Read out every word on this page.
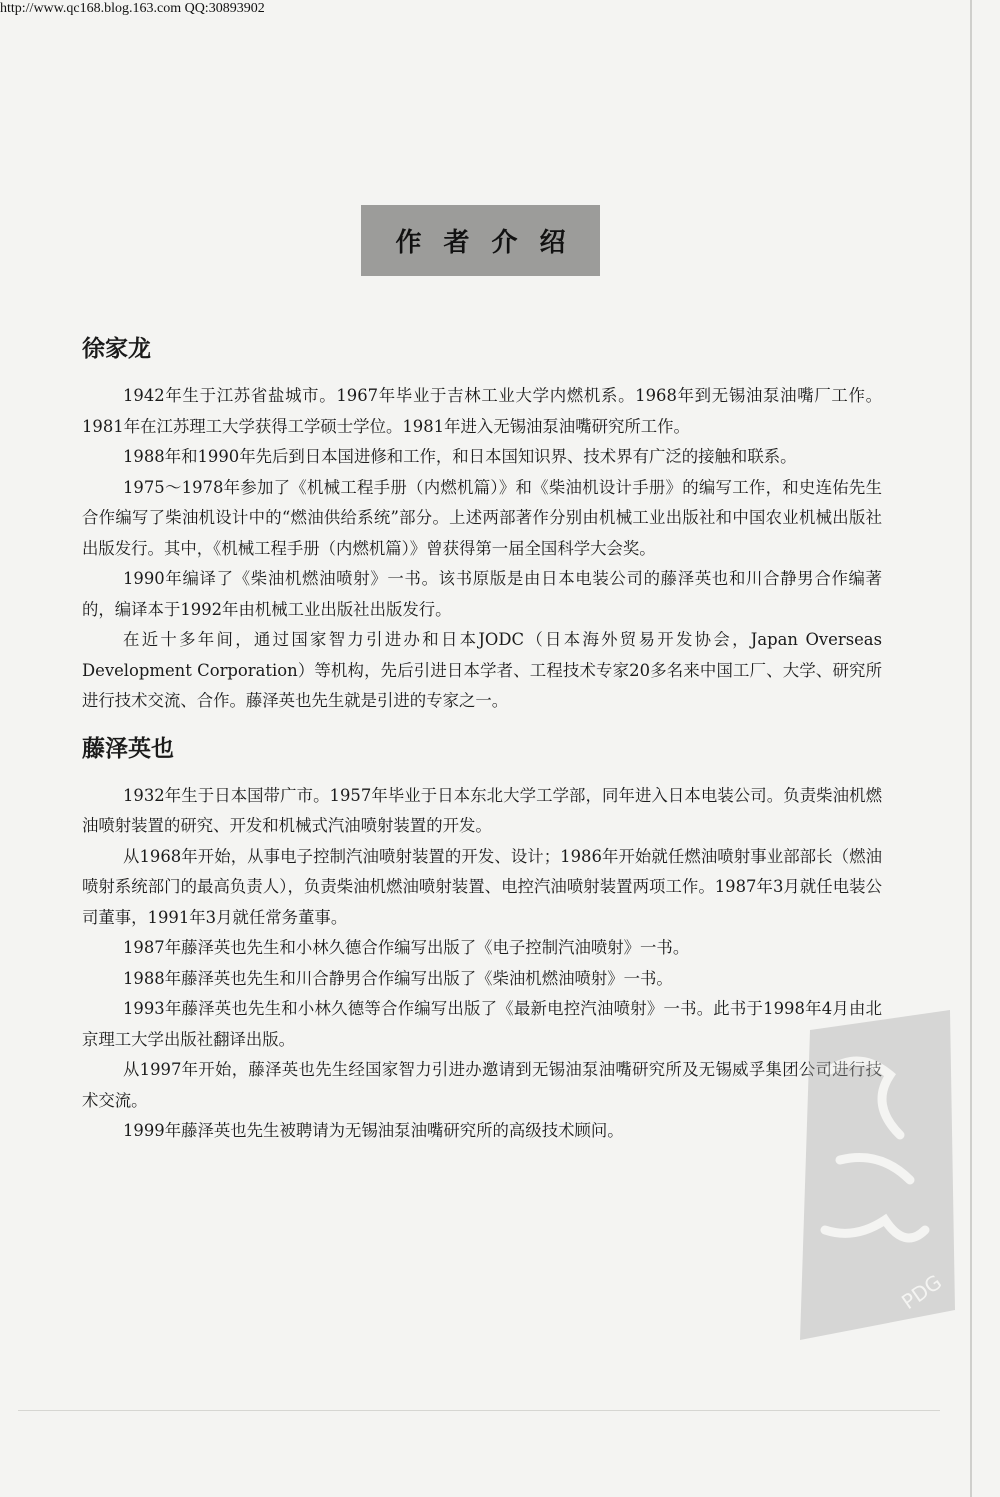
http://www.qc168.blog.163.com QQ:30893902
作者介绍
徐家龙

1942年生于江苏省盐城市。1967年毕业于吉林工业大学内燃机系。1968年到无锡油泵油嘴厂工作。1981年在江苏理工大学获得工学硕士学位。1981年进入无锡油泵油嘴研究所工作。

1988年和1990年先后到日本国进修和工作，和日本国知识界、技术界有广泛的接触和联系。

1975～1978年参加了《机械工程手册（内燃机篇）》和《柴油机设计手册》的编写工作，和史连佑先生合作编写了柴油机设计中的“燃油供给系统”部分。上述两部著作分别由机械工业出版社和中国农业机械出版社出版发行。其中，《机械工程手册（内燃机篇）》曾获得第一届全国科学大会奖。

1990年编译了《柴油机燃油喷射》一书。该书原版是由日本电装公司的藤泽英也和川合静男合作编著的，编译本于1992年由机械工业出版社出版发行。

在近十多年间，通过国家智力引进办和日本JODC（日本海外贸易开发协会，Japan Overseas Development Corporation）等机构，先后引进日本学者、工程技术专家20多名来中国工厂、大学、研究所进行技术交流、合作。藤泽英也先生就是引进的专家之一。

藤泽英也

1932年生于日本国带广市。1957年毕业于日本东北大学工学部，同年进入日本电装公司。负责柴油机燃油喷射装置的研究、开发和机械式汽油喷射装置的开发。

从1968年开始，从事电子控制汽油喷射装置的开发、设计；1986年开始就任燃油喷射事业部部长（燃油喷射系统部门的最高负责人），负责柴油机燃油喷射装置、电控汽油喷射装置两项工作。1987年3月就任电装公司董事，1991年3月就任常务董事。

1987年藤泽英也先生和小林久德合作编写出版了《电子控制汽油喷射》一书。

1988年藤泽英也先生和川合静男合作编写出版了《柴油机燃油喷射》一书。

1993年藤泽英也先生和小林久德等合作编写出版了《最新电控汽油喷射》一书。此书于1998年4月由北京理工大学出版社翻译出版。

从1997年开始，藤泽英也先生经国家智力引进办邀请到无锡油泵油嘴研究所及无锡威孚集团公司进行技术交流。

1999年藤泽英也先生被聘请为无锡油泵油嘴研究所的高级技术顾问。

PDG
